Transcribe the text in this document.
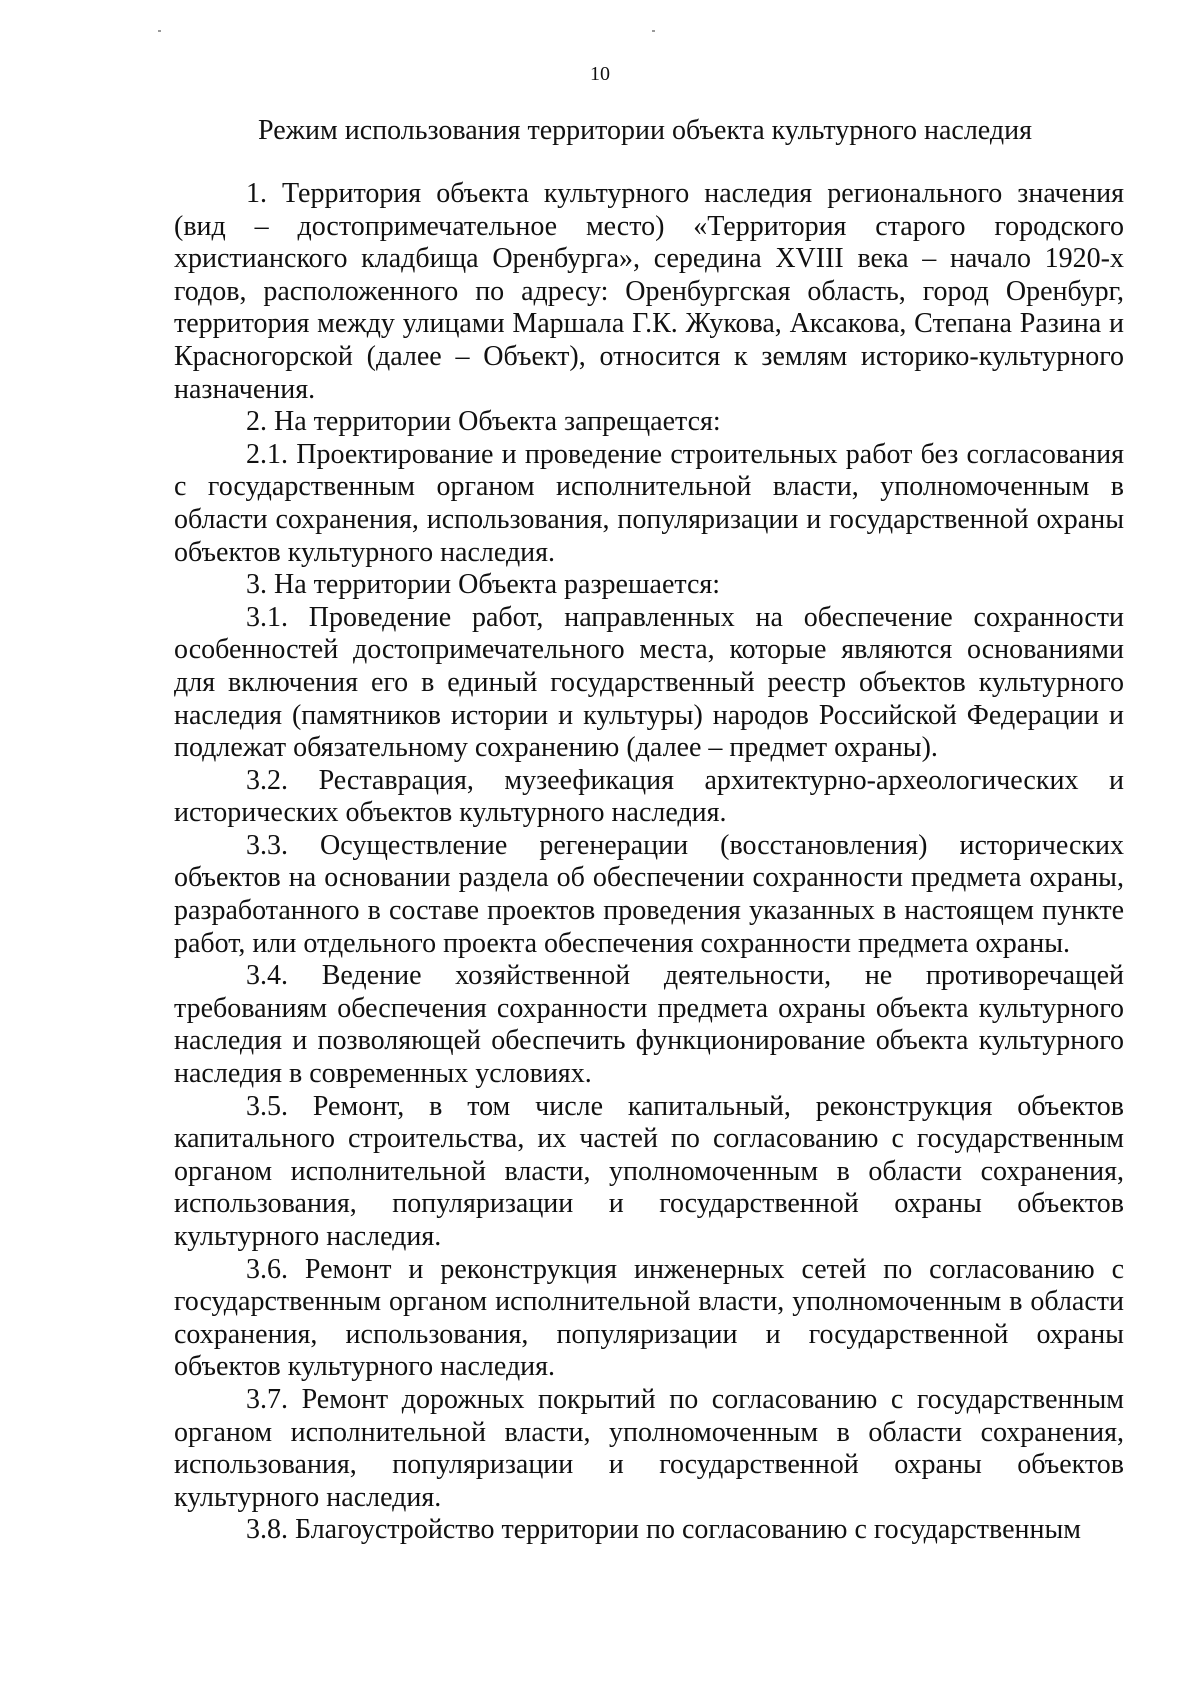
10
Режим использования территории объекта культурного наследия

1. Территория объекта культурного наследия регионального значения (вид – достопримечательное место) «Территория старого городского христианского кладбища Оренбурга», середина XVIII века – начало 1920-х годов, расположенного по адресу: Оренбургская область, город Оренбург, территория между улицами Маршала Г.К. Жукова, Аксакова, Степана Разина и Красногорской (далее – Объект), относится к землям историко-культурного назначения.

2. На территории Объекта запрещается:

2.1. Проектирование и проведение строительных работ без согласования с государственным органом исполнительной власти, уполномоченным в области сохранения, использования, популяризации и государственной охраны объектов культурного наследия.

3. На территории Объекта разрешается:

3.1. Проведение работ, направленных на обеспечение сохранности особенностей достопримечательного места, которые являются основаниями для включения его в единый государственный реестр объектов культурного наследия (памятников истории и культуры) народов Российской Федерации и подлежат обязательному сохранению (далее – предмет охраны).

3.2. Реставрация, музеефикация архитектурно-археологических и исторических объектов культурного наследия.

3.3. Осуществление регенерации (восстановления) исторических объектов на основании раздела об обеспечении сохранности предмета охраны, разработанного в составе проектов проведения указанных в настоящем пункте работ, или отдельного проекта обеспечения сохранности предмета охраны.

3.4. Ведение хозяйственной деятельности, не противоречащей требованиям обеспечения сохранности предмета охраны объекта культурного наследия и позволяющей обеспечить функционирование объекта культурного наследия в современных условиях.

3.5. Ремонт, в том числе капитальный, реконструкция объектов капитального строительства, их частей по согласованию с государственным органом исполнительной власти, уполномоченным в области сохранения, использования, популяризации и государственной охраны объектов культурного наследия.

3.6. Ремонт и реконструкция инженерных сетей по согласованию с государственным органом исполнительной власти, уполномоченным в области сохранения, использования, популяризации и государственной охраны объектов культурного наследия.

3.7. Ремонт дорожных покрытий по согласованию с государственным органом исполнительной власти, уполномоченным в области сохранения, использования, популяризации и государственной охраны объектов культурного наследия.

3.8. Благоустройство территории по согласованию с государственным
